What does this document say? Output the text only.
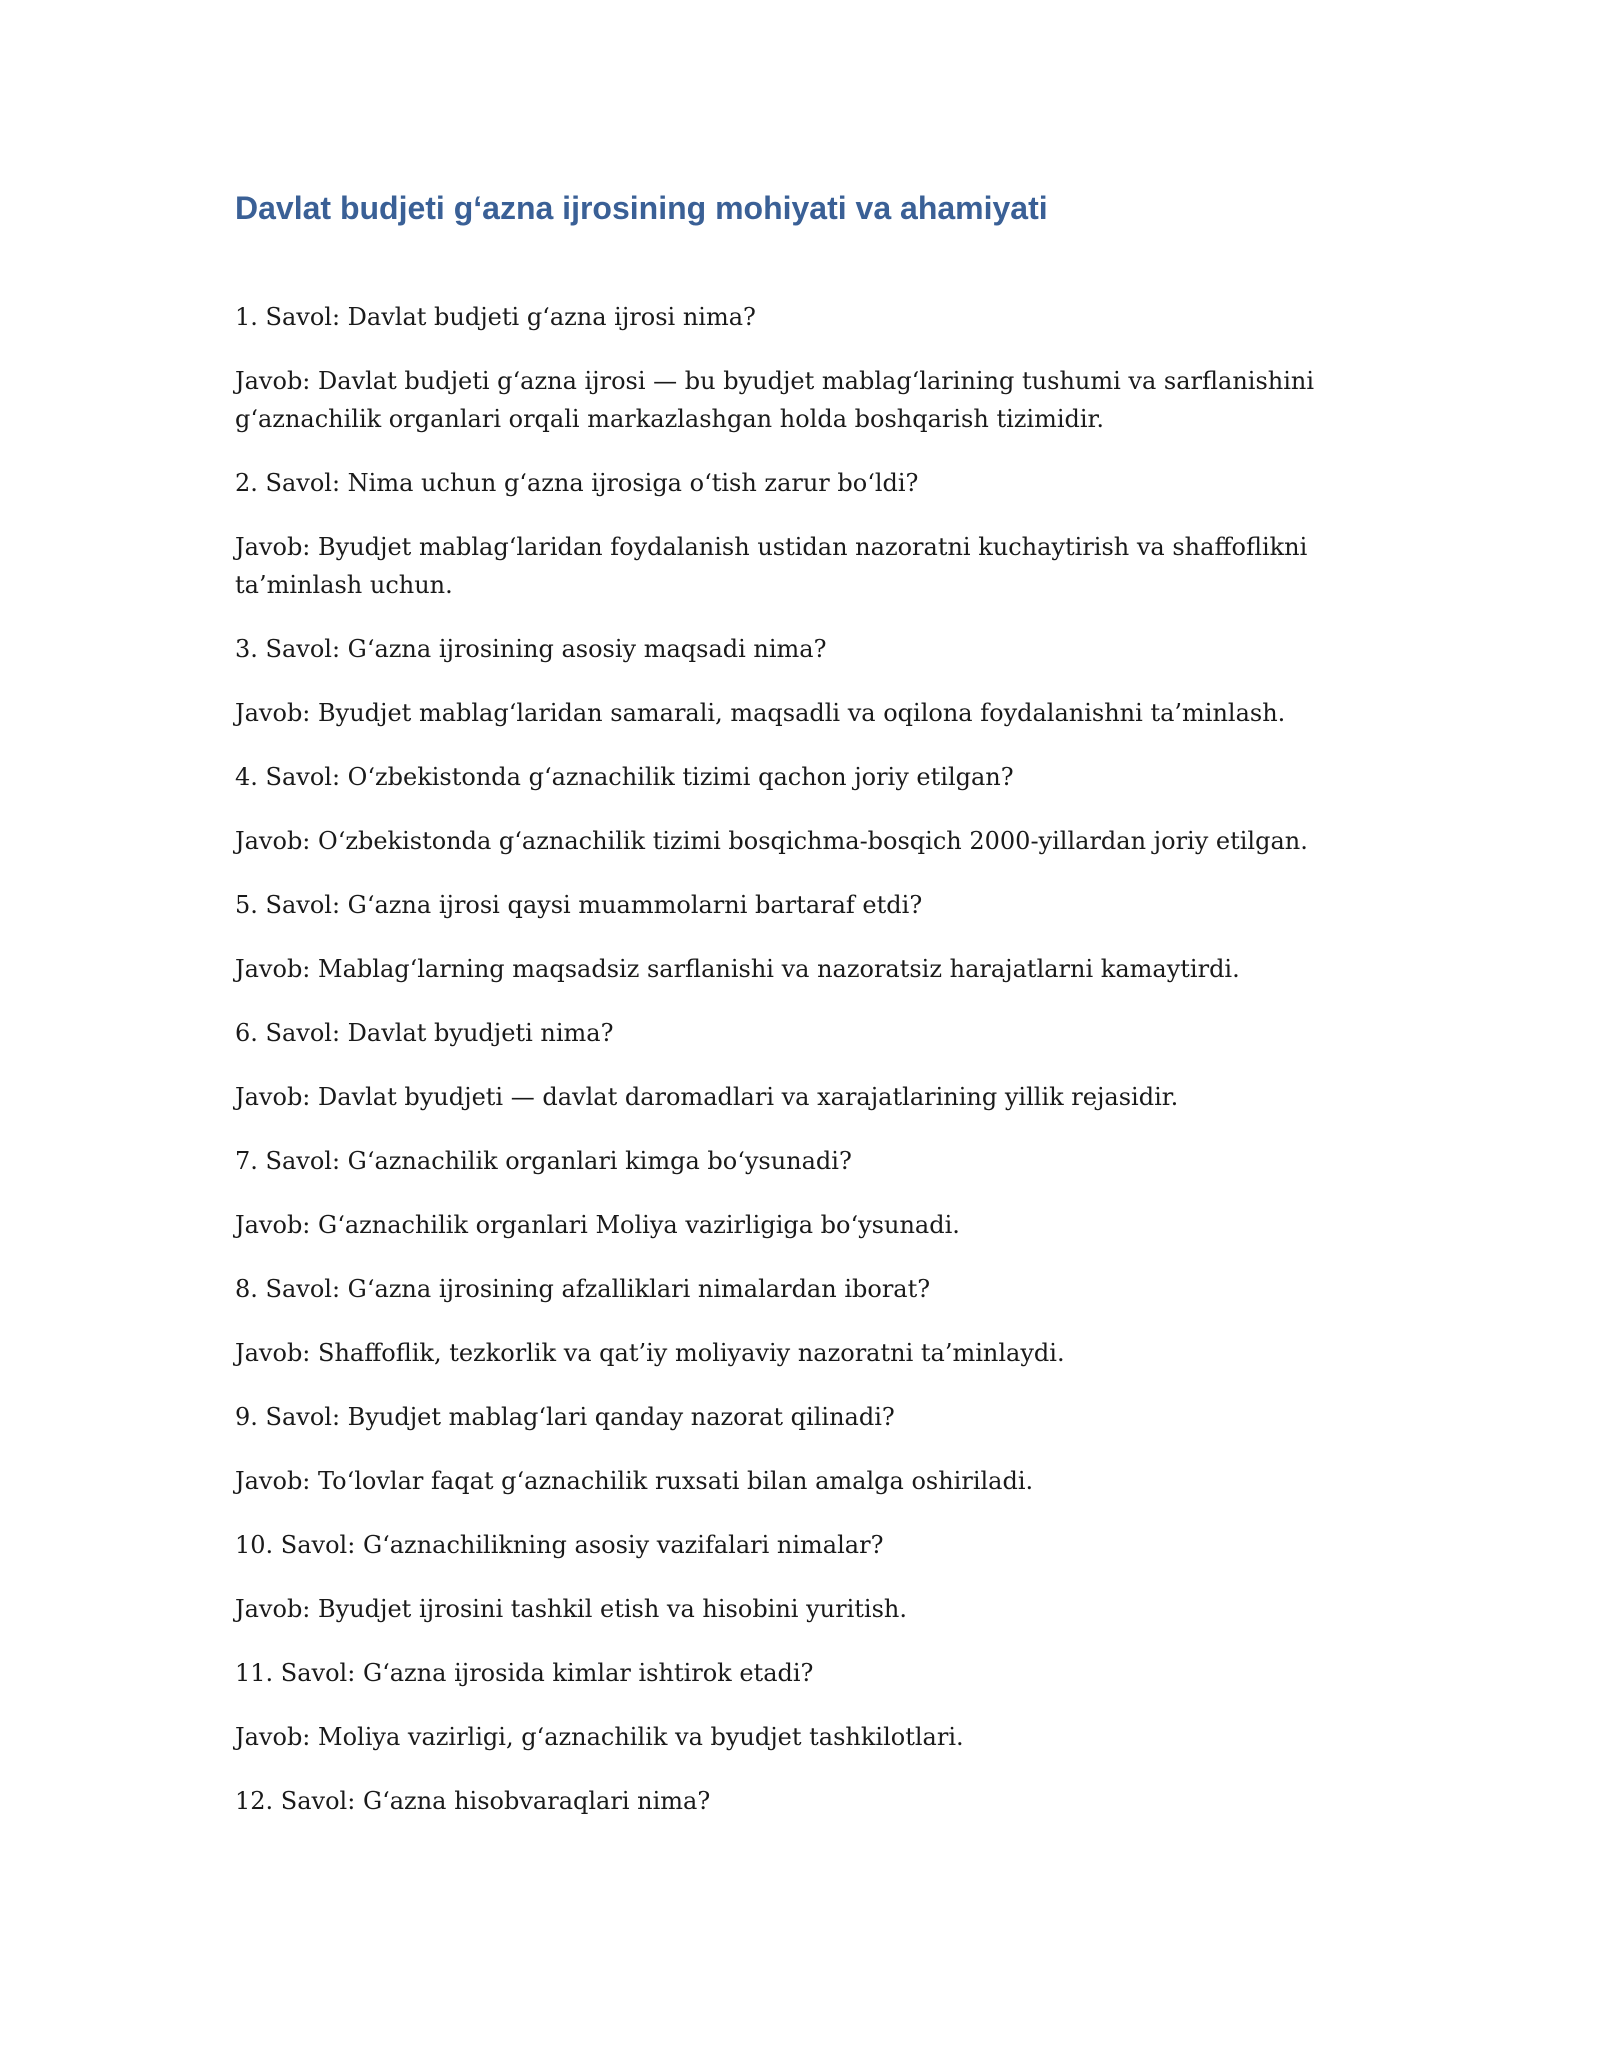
Davlat budjeti g‘azna ijrosining mohiyati va ahamiyati

1. Savol: Davlat budjeti g‘azna ijrosi nima?

Javob: Davlat budjeti g‘azna ijrosi — bu byudjet mablag‘larining tushumi va sarflanishini g‘aznachilik organlari orqali markazlashgan holda boshqarish tizimidir.

2. Savol: Nima uchun g‘azna ijrosiga o‘tish zarur bo‘ldi?

Javob: Byudjet mablag‘laridan foydalanish ustidan nazoratni kuchaytirish va shaffoflikni ta’minlash uchun.

3. Savol: G‘azna ijrosining asosiy maqsadi nima?

Javob: Byudjet mablag‘laridan samarali, maqsadli va oqilona foydalanishni ta’minlash.

4. Savol: O‘zbekistonda g‘aznachilik tizimi qachon joriy etilgan?

Javob: O‘zbekistonda g‘aznachilik tizimi bosqichma-bosqich 2000-yillardan joriy etilgan.

5. Savol: G‘azna ijrosi qaysi muammolarni bartaraf etdi?

Javob: Mablag‘larning maqsadsiz sarflanishi va nazoratsiz harajatlarni kamaytirdi.

6. Savol: Davlat byudjeti nima?

Javob: Davlat byudjeti — davlat daromadlari va xarajatlarining yillik rejasidir.

7. Savol: G‘aznachilik organlari kimga bo‘ysunadi?

Javob: G‘aznachilik organlari Moliya vazirligiga bo‘ysunadi.

8. Savol: G‘azna ijrosining afzalliklari nimalardan iborat?

Javob: Shaffoflik, tezkorlik va qat’iy moliyaviy nazoratni ta’minlaydi.

9. Savol: Byudjet mablag‘lari qanday nazorat qilinadi?

Javob: To‘lovlar faqat g‘aznachilik ruxsati bilan amalga oshiriladi.

10. Savol: G‘aznachilikning asosiy vazifalari nimalar?

Javob: Byudjet ijrosini tashkil etish va hisobini yuritish.

11. Savol: G‘azna ijrosida kimlar ishtirok etadi?

Javob: Moliya vazirligi, g‘aznachilik va byudjet tashkilotlari.

12. Savol: G‘azna hisobvaraqlari nima?
